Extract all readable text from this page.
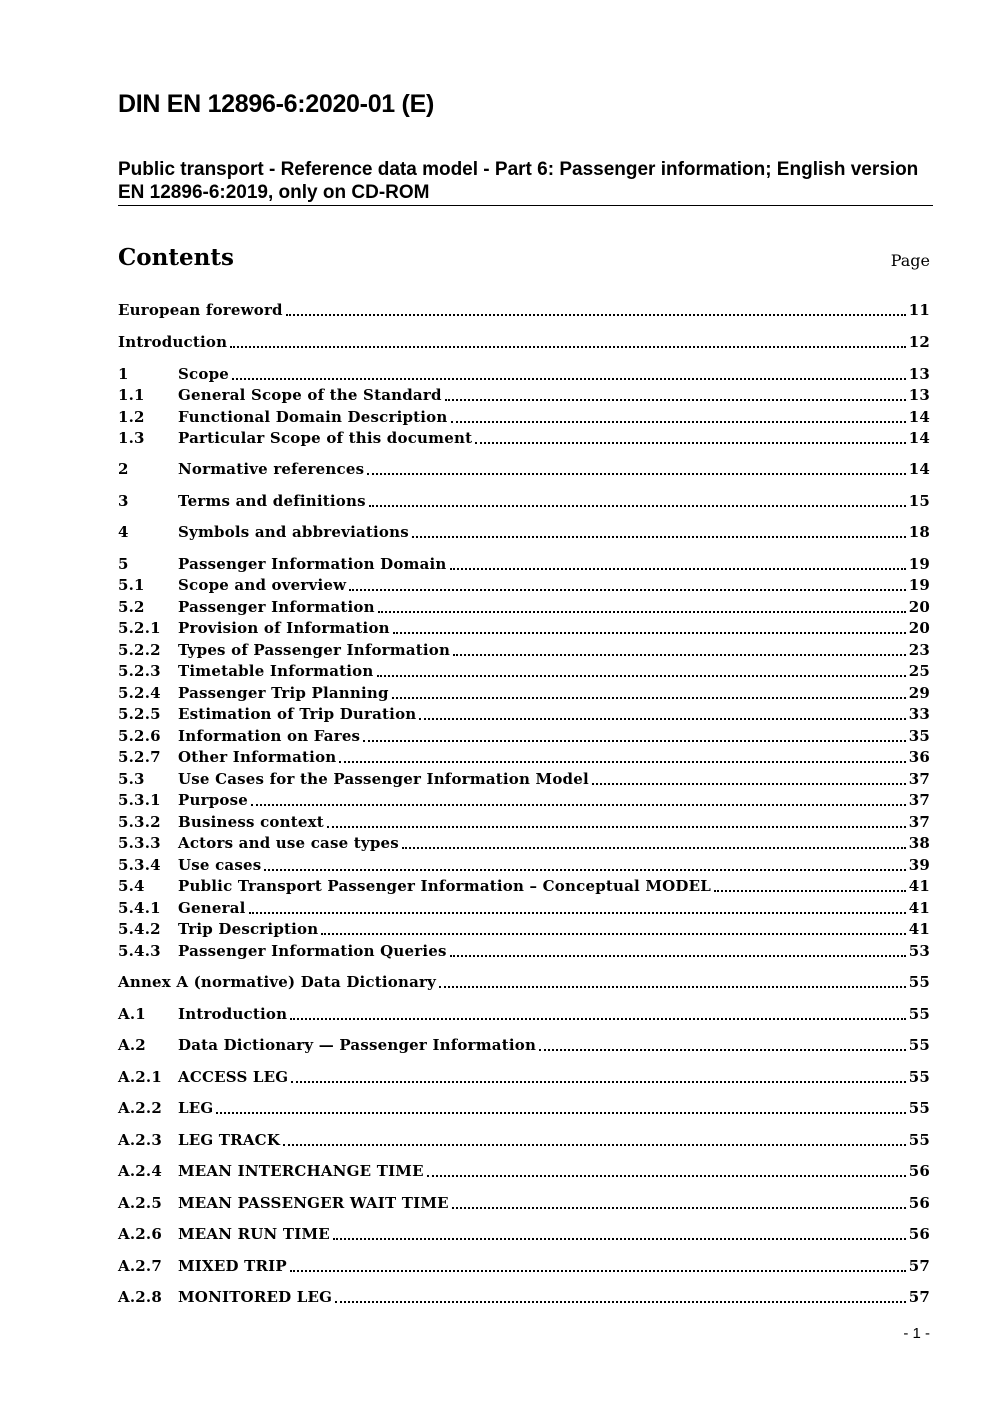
DIN EN 12896-6:2020-01 (E)
Public transport - Reference data model - Part 6: Passenger information; English version EN 12896-6:2019, only on CD-ROM
Contents	Page
European foreword	11
Introduction	12
1	Scope	13
1.1	General Scope of the Standard	13
1.2	Functional Domain Description	14
1.3	Particular Scope of this document	14
2	Normative references	14
3	Terms and definitions	15
4	Symbols and abbreviations	18
5	Passenger Information Domain	19
5.1	Scope and overview	19
5.2	Passenger Information	20
5.2.1	Provision of Information	20
5.2.2	Types of Passenger Information	23
5.2.3	Timetable Information	25
5.2.4	Passenger Trip Planning	29
5.2.5	Estimation of Trip Duration	33
5.2.6	Information on Fares	35
5.2.7	Other Information	36
5.3	Use Cases for the Passenger Information Model	37
5.3.1	Purpose	37
5.3.2	Business context	37
5.3.3	Actors and use case types	38
5.3.4	Use cases	39
5.4	Public Transport Passenger Information – Conceptual MODEL	41
5.4.1	General	41
5.4.2	Trip Description	41
5.4.3	Passenger Information Queries	53
Annex A (normative) Data Dictionary	55
A.1	Introduction	55
A.2	Data Dictionary — Passenger Information	55
A.2.1	ACCESS LEG	55
A.2.2	LEG	55
A.2.3	LEG TRACK	55
A.2.4	MEAN INTERCHANGE TIME	56
A.2.5	MEAN PASSENGER WAIT TIME	56
A.2.6	MEAN RUN TIME	56
A.2.7	MIXED TRIP	57
A.2.8	MONITORED LEG	57
- 1 -
